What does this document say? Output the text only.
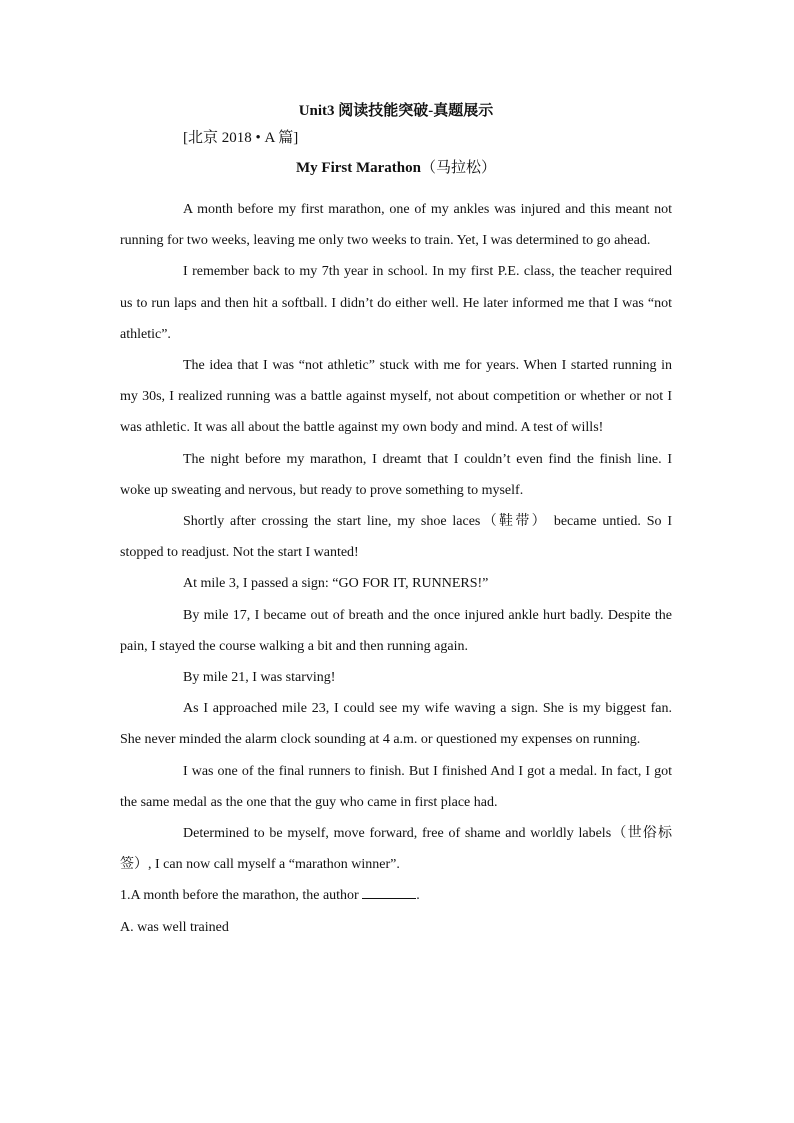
Unit3 阅读技能突破-真题展示
[北京 2018 • A 篇]
My First Marathon（马拉松）

A month before my first marathon, one of my ankles was injured and this meant not running for two weeks, leaving me only two weeks to train. Yet, I was determined to go ahead.

I remember back to my 7th year in school. In my first P.E. class, the teacher required us to run laps and then hit a softball. I didn’t do either well. He later informed me that I was “not athletic”.

The idea that I was “not athletic” stuck with me for years. When I started running in my 30s, I realized running was a battle against myself, not about competition or whether or not I was athletic. It was all about the battle against my own body and mind. A test of wills!

The night before my marathon, I dreamt that I couldn’t even find the finish line. I woke up sweating and nervous, but ready to prove something to myself.

Shortly after crossing the start line, my shoe laces（鞋带） became untied. So I stopped to readjust. Not the start I wanted!

At mile 3, I passed a sign: “GO FOR IT, RUNNERS!”

By mile 17, I became out of breath and the once injured ankle hurt badly. Despite the pain, I stayed the course walking a bit and then running again.

By mile 21, I was starving!

As I approached mile 23, I could see my wife waving a sign. She is my biggest fan. She never minded the alarm clock sounding at 4 a.m. or questioned my expenses on running.

I was one of the final runners to finish. But I finished And I got a medal. In fact, I got the same medal as the one that the guy who came in first place had.

Determined to be myself, move forward, free of shame and worldly labels（世俗标签）, I can now call myself a “marathon winner”.

1.A month before the marathon, the author	.

A. was well trained
